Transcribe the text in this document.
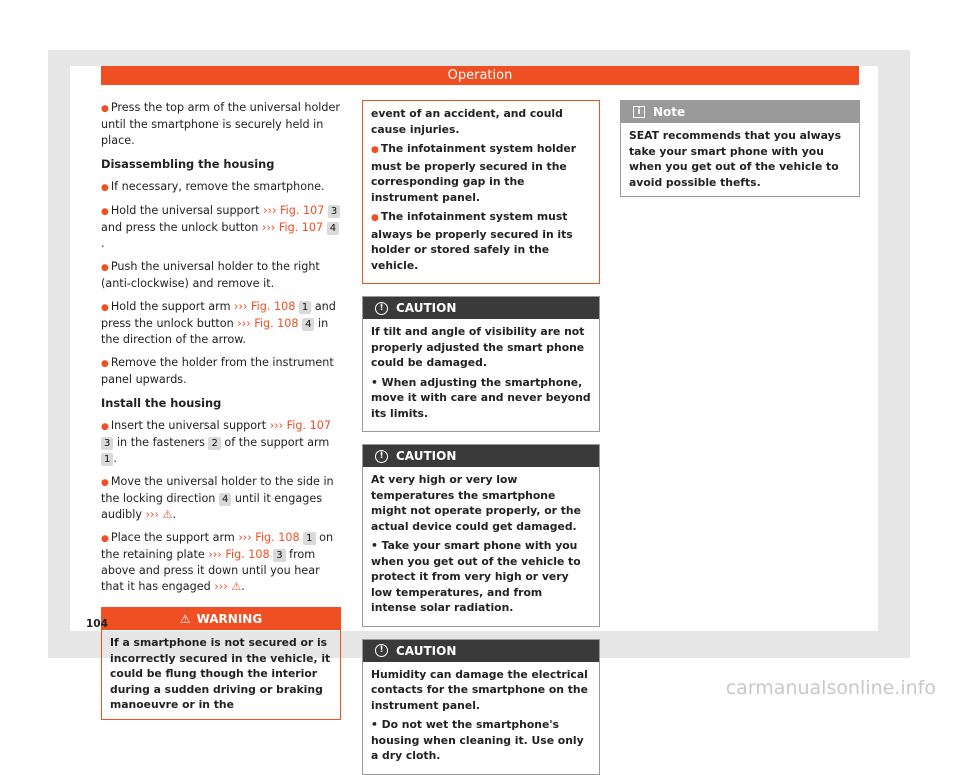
Operation
● Press the top arm of the universal holder until the smartphone is securely held in place.
Disassembling the housing
● If necessary, remove the smartphone.
● Hold the universal support ››› Fig. 107 3 and press the unlock button ››› Fig. 107 4.
● Push the universal holder to the right (anti-clockwise) and remove it.
● Hold the support arm ››› Fig. 108 1 and press the unlock button ››› Fig. 108 4 in the direction of the arrow.
● Remove the holder from the instrument panel upwards.
Install the housing
● Insert the universal support ››› Fig. 107 3 in the fasteners 2 of the support arm 1 .
● Move the universal holder to the side in the locking direction 4 until it engages audibly ››› ⚠.
● Place the support arm ››› Fig. 108 1 on the retaining plate ››› Fig. 108 3 from above and press it down until you hear that it has engaged ››› ⚠.
⚠ WARNING
If a smartphone is not secured or is incorrectly secured in the vehicle, it could be flung though the interior during a sudden driving or braking manoeuvre or in the

event of an accident, and could cause injuries.

● The infotainment system holder must be properly secured in the corresponding gap in the instrument panel.

● The infotainment system must always be properly secured in its holder or stored safely in the vehicle.

!	CAUTION

If tilt and angle of visibility are not properly adjusted the smart phone could be damaged.

• When adjusting the smartphone, move it with care and never beyond its limits.

!	CAUTION

At very high or very low temperatures the smartphone might not operate properly, or the actual device could get damaged.

• Take your smart phone with you when you get out of the vehicle to protect it from very high or very low temperatures, and from intense solar radiation.

!	CAUTION

Humidity can damage the electrical contacts for the smartphone on the instrument panel.

• Do not wet the smartphone's housing when cleaning it. Use only a dry cloth.

i	Note
SEAT recommends that you always take your smart phone with you when you get out of the vehicle to avoid possible thefts.
104
carmanualsonline.info
